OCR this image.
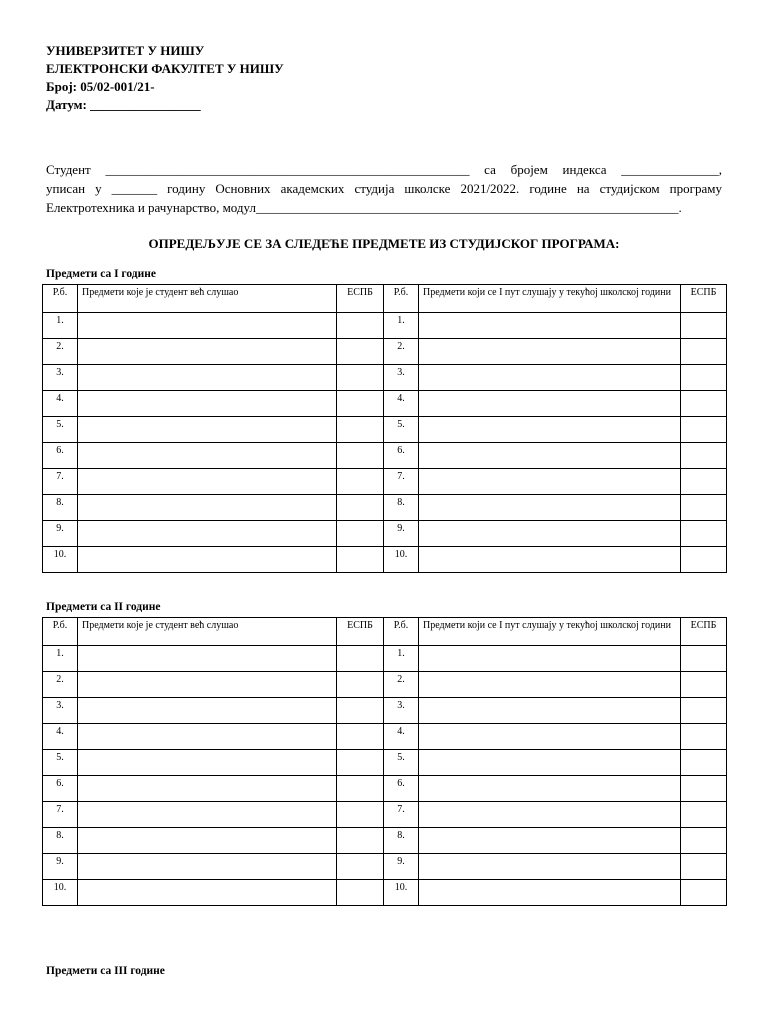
УНИВЕРЗИТЕТ У НИШУ
ЕЛЕКТРОНСКИ ФАКУЛТЕТ У НИШУ
Број: 05/02-001/21-
Датум: _________________
Студент ________________________________________________________ са бројем индекса _______________,
уписан у _______ годину Основних академских студија школске 2021/2022. године на студијском програму
Електротехника и рачунарство, модул_________________________________________________________________.
ОПРЕДЕЉУЈЕ СЕ ЗА СЛЕДЕЋЕ ПРЕДМЕТЕ ИЗ СТУДИЈСКОГ ПРОГРАМА:
Предмети са I године
Р.б.	Предмети које је студент већ слушао	ЕСПБ	Р.б.	Предмети који се I пут слушају у текућој школској години	ЕСПБ
1.			1.		
2.			2.		
3.			3.		
4.			4.		
5.			5.		
6.			6.		
7.			7.		
8.			8.		
9.			9.		
10.			10.		
Предмети са II године
Р.б.	Предмети које је студент већ слушао	ЕСПБ	Р.б.	Предмети који се I пут слушају у текућој школској години	ЕСПБ
1.			1.		
2.			2.		
3.			3.		
4.			4.		
5.			5.		
6.			6.		
7.			7.		
8.			8.		
9.			9.		
10.			10.		
Предмети са III године
